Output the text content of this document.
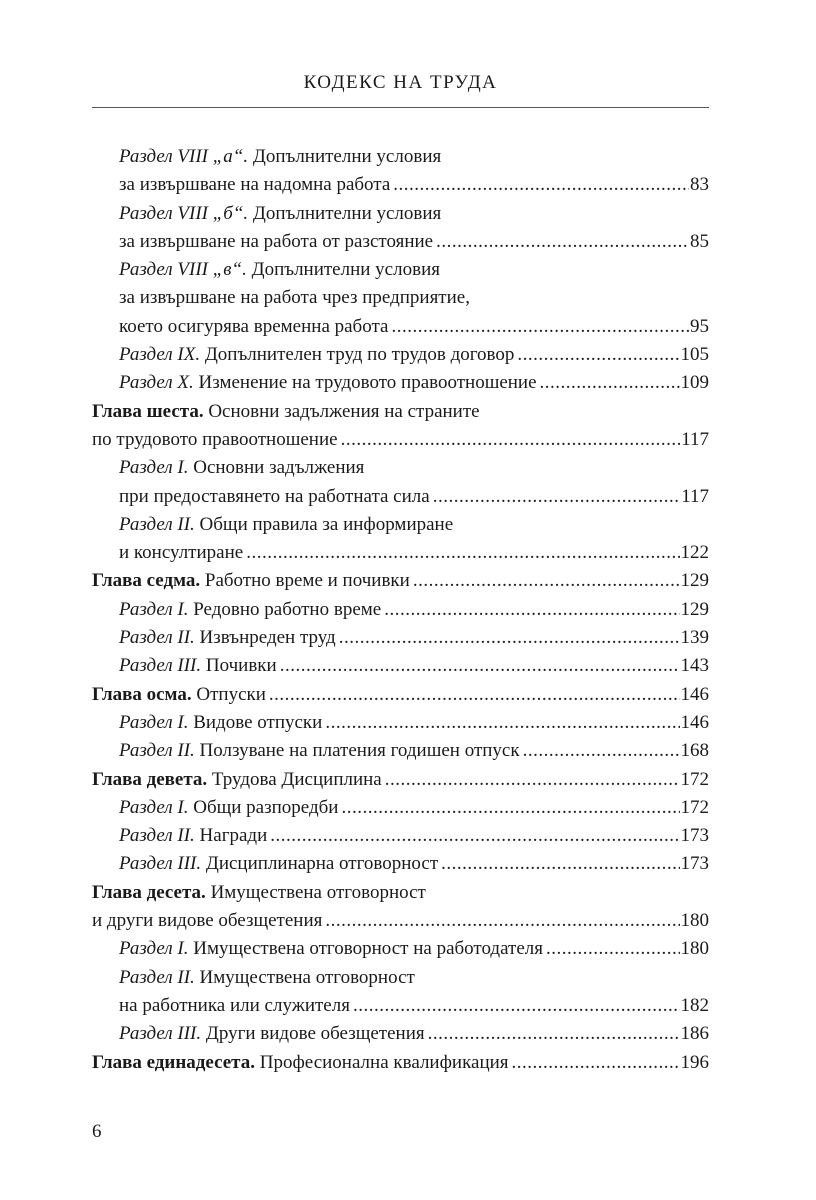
КОДЕКС НА ТРУДА
Раздел VIII „а“. Допълнителни условия
за извършване на надомна работа .....	83
Раздел VIII „б“. Допълнителни условия
за извършване на работа от разстояние .....	85
Раздел VIII „в“. Допълнителни условия
за извършване на работа чрез предприятие,
което осигурява временна работа .....	95
Раздел IX. Допълнителен труд по трудов договор .....	105
Раздел X. Изменение на трудовото правоотношение .....	109
Глава шеста. Основни задължения на страните
по трудовото правоотношение .....	117
Раздел I. Основни задължения
при предоставянето на работната сила .....	117
Раздел II. Общи правила за информиране
и консултиране .....	122
Глава седма. Работно време и почивки .....	129
Раздел I. Редовно работно време .....	129
Раздел II. Извънреден труд .....	139
Раздел III. Почивки .....	143
Глава осма. Отпуски .....	146
Раздел I. Видове отпуски .....	146
Раздел II. Ползуване на платения годишен отпуск .....	168
Глава девета. Трудова Дисциплина .....	172
Раздел I. Общи разпоредби .....	172
Раздел II. Награди .....	173
Раздел III. Дисциплинарна отговорност .....	173
Глава десета. Имуществена отговорност
и други видове обезщетения .....	180
Раздел I. Имуществена отговорност на работодателя .....	180
Раздел II. Имуществена отговорност
на работника или служителя .....	182
Раздел III. Други видове обезщетения .....	186
Глава единадесета. Професионална квалификация .....	196
6
